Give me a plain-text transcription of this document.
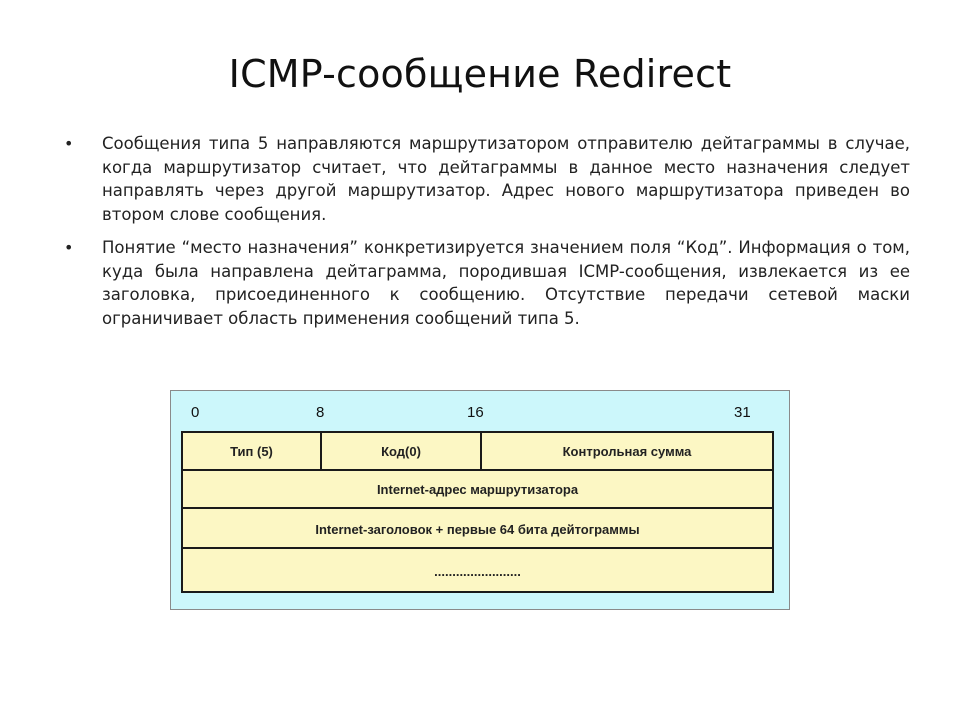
ICMP-сообщение Redirect
• Сообщения типа 5 направляются маршрутизатором отправителю дейтаграммы в случае, когда маршрутизатор считает, что дейтаграммы в данное место назначения следует направлять через другой маршрутизатор. Адрес нового маршрутизатора приведен во втором слове сообщения.
• Понятие “место назначения” конкретизируется значением поля “Код”. Информация о том, куда была направлена дейтаграмма, породившая ICMP-сообщения, извлекается из ее заголовка, присоединенного к сообщению. Отсутствие передачи сетевой маски ограничивает область применения сообщений типа 5.
0	8	16	31
Тип (5)	Код(0)	Контрольная сумма
Internet-адрес маршрутизатора
Internet-заголовок + первые 64 бита дейтограммы
........................
